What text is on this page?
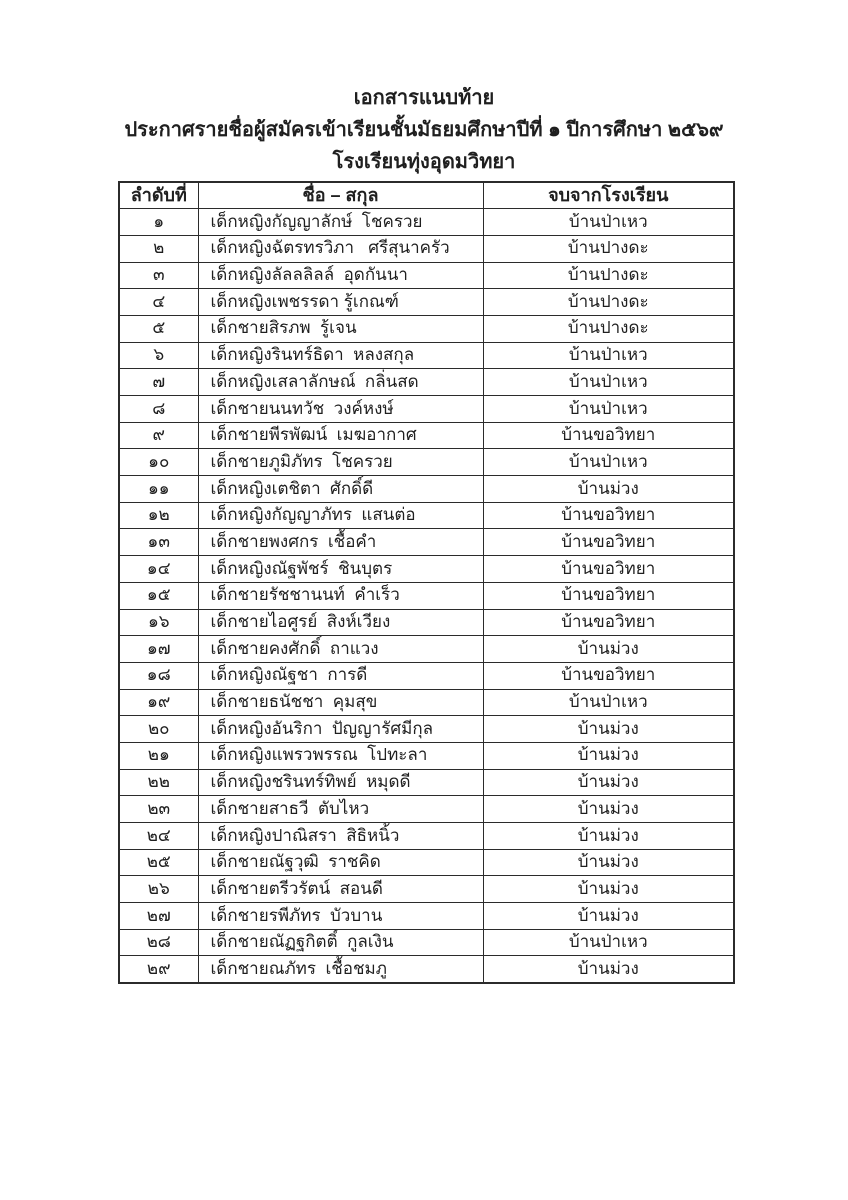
เอกสารแนบท้าย
ประกาศรายชื่อผู้สมัครเข้าเรียนชั้นมัธยมศึกษาปีที่ ๑ ปีการศึกษา ๒๕๖๙
โรงเรียนทุ่งอุดมวิทยา
ลำดับที่	ชื่อ – สกุล	จบจากโรงเรียน
๑	เด็กหญิงกัญญาลักษ์  โชครวย	บ้านป่าเหว
๒	เด็กหญิงฉัตรทรวิภา   ศรีสุนาครัว	บ้านปางดะ
๓	เด็กหญิงลัลลลิลล์  อุดกันนา	บ้านปางดะ
๔	เด็กหญิงเพชรรดา รู้เกณฑ์	บ้านปางดะ
๕	เด็กชายสิรภพ  รู้เจน	บ้านปางดะ
๖	เด็กหญิงรินทร์ธิดา  หลงสกุล	บ้านป่าเหว
๗	เด็กหญิงเสลาลักษณ์  กลิ่นสด	บ้านป่าเหว
๘	เด็กชายนนทวัช  วงค์หงษ์	บ้านป่าเหว
๙	เด็กชายพีรพัฒน์  เมฆอากาศ	บ้านขอวิทยา
๑๐	เด็กชายภูมิภัทร  โชครวย	บ้านป่าเหว
๑๑	เด็กหญิงเตชิตา  ศักดิ์ดี	บ้านม่วง
๑๒	เด็กหญิงกัญญาภัทร  แสนต่อ	บ้านขอวิทยา
๑๓	เด็กชายพงศกร  เชื้อคำ	บ้านขอวิทยา
๑๔	เด็กหญิงณัฐพัชร์  ชินบุตร	บ้านขอวิทยา
๑๕	เด็กชายรัชชานนท์  คำเร็ว	บ้านขอวิทยา
๑๖	เด็กชายไอศูรย์  สิงห์เวียง	บ้านขอวิทยา
๑๗	เด็กชายคงศักดิ์  ถาแวง	บ้านม่วง
๑๘	เด็กหญิงณัฐชา  การดี	บ้านขอวิทยา
๑๙	เด็กชายธนัชชา  คุมสุข	บ้านป่าเหว
๒๐	เด็กหญิงอันริกา  ปัญญารัศมีกุล	บ้านม่วง
๒๑	เด็กหญิงแพรวพรรณ  โปทะลา	บ้านม่วง
๒๒	เด็กหญิงชรินทร์ทิพย์  หมุดดี	บ้านม่วง
๒๓	เด็กชายสาธวี  ตับไหว	บ้านม่วง
๒๔	เด็กหญิงปาณิสรา  สิธิหนิ้ว	บ้านม่วง
๒๕	เด็กชายณัฐวุฒิ  ราชคิด	บ้านม่วง
๒๖	เด็กชายตรีวรัตน์  สอนดี	บ้านม่วง
๒๗	เด็กชายรพีภัทร  บัวบาน	บ้านม่วง
๒๘	เด็กชายณัฏฐกิตติ์  กูลเงิน	บ้านป่าเหว
๒๙	เด็กชายณภัทร  เชื้อชมภู	บ้านม่วง
